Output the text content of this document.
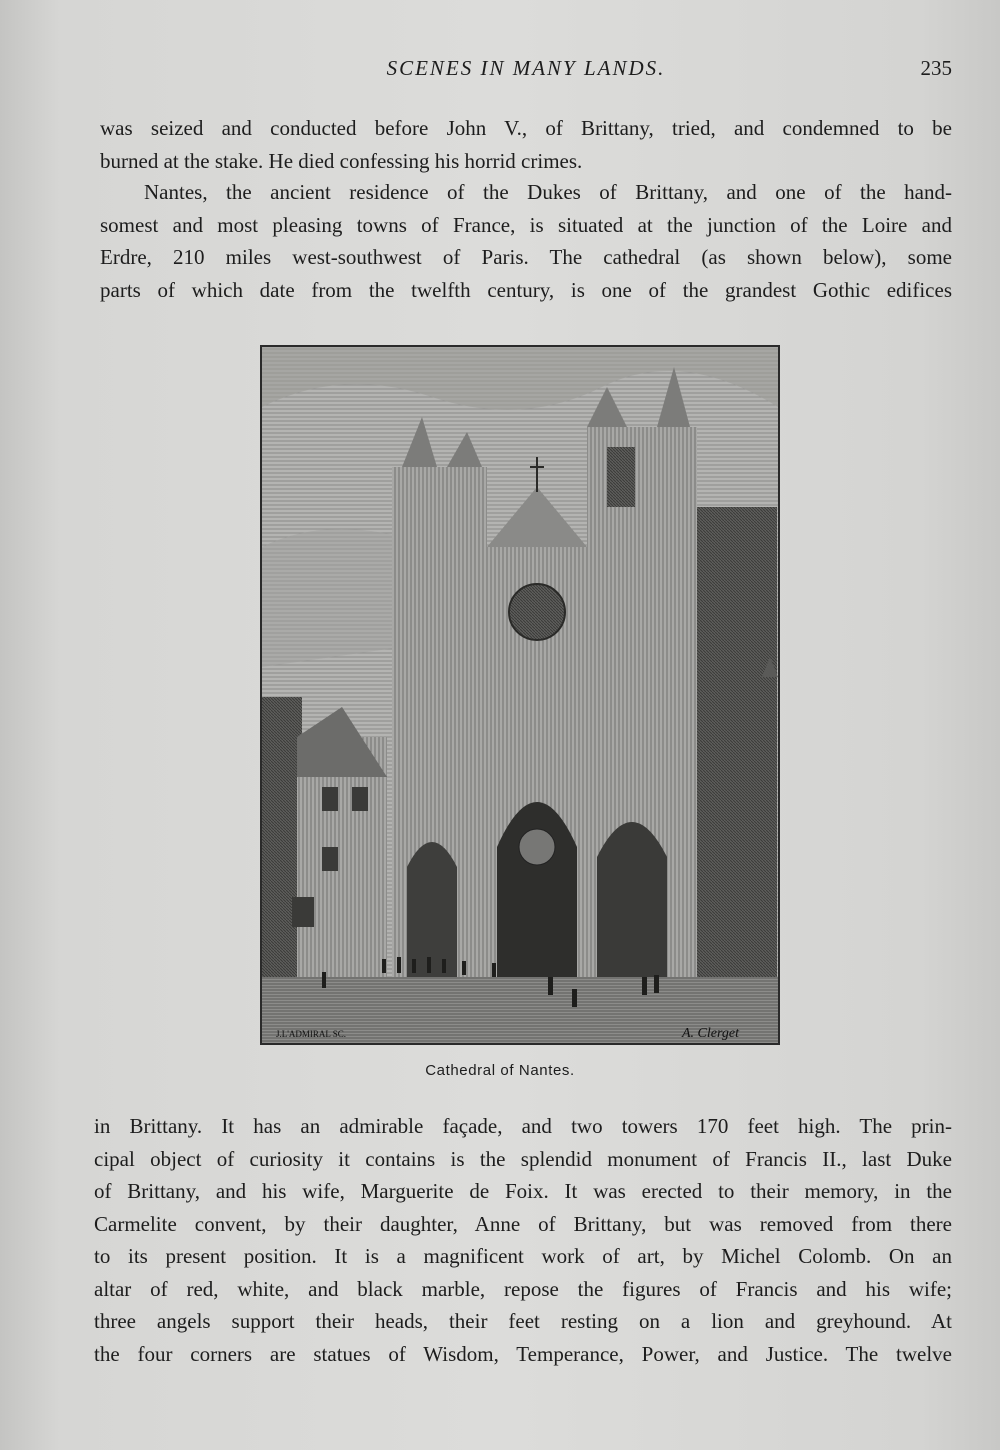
SCENES IN MANY LANDS.	235
was seized and conducted before John V., of Brittany, tried, and condemned to be
burned at the stake. He died confessing his horrid crimes.
Nantes, the ancient residence of the Dukes of Brittany, and one of the hand-
somest and most pleasing towns of France, is situated at the junction of the Loire and
Erdre, 210 miles west-southwest of Paris. The cathedral (as shown below), some
parts of which date from the twelfth century, is one of the grandest Gothic edifices
J.L'ADMIRAL SC.	A. Clerget
Cathedral of Nantes.
in Brittany. It has an admirable façade, and two towers 170 feet high. The prin-
cipal object of curiosity it contains is the splendid monument of Francis II., last Duke
of Brittany, and his wife, Marguerite de Foix. It was erected to their memory, in the
Carmelite convent, by their daughter, Anne of Brittany, but was removed from there
to its present position. It is a magnificent work of art, by Michel Colomb. On an
altar of red, white, and black marble, repose the figures of Francis and his wife;
three angels support their heads, their feet resting on a lion and greyhound. At
the four corners are statues of Wisdom, Temperance, Power, and Justice. The twelve
